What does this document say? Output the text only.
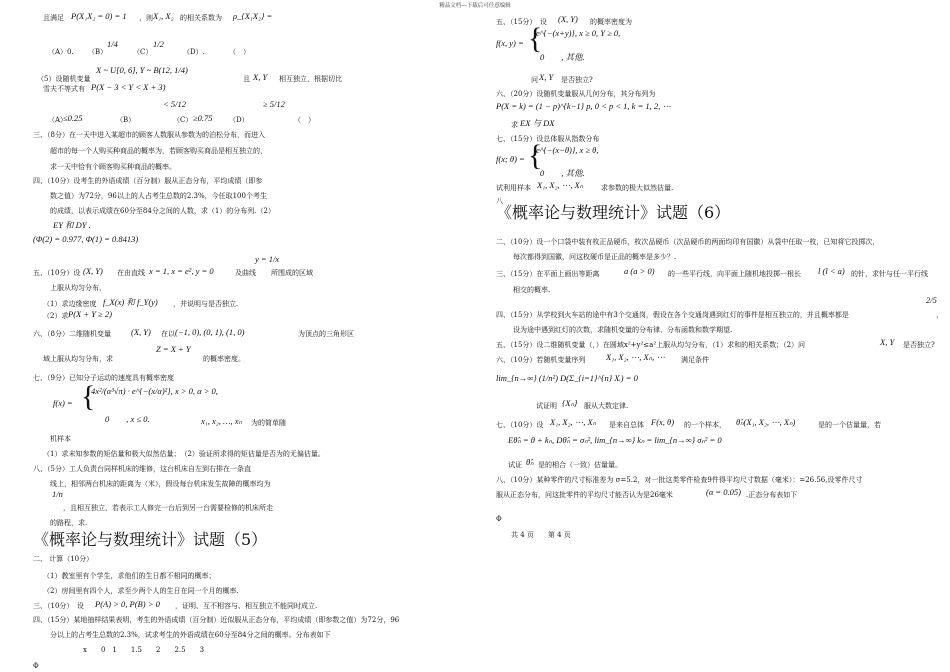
精品文档---下载后可任意编辑
且满足 P(X₁X₂ = 0) = 1 ，则 X₁, X₂ 的相关系数为 ρ_{X₁X₂} =
（A）0. （B）
1/4
（C）
1/2
（D）.	（　）
X ~ U[0, 6], Y ~ B(12, 1/4)
（5）设随机变量	且 X, Y 相互独立，根据切比
雪夫不等式有 P(X − 3 < Y < X + 3)
< 5/12	≥ 5/12
（A）
≤0.25	（B）	（C） ≥0.75 （D）	（　）
三、（8分）在一天中进入某超市的顾客人数服从参数为的泊松分布，而进入
超市的每一个人购买种商品的概率为，若顾客购买商品是相互独立的，
求一天中恰有个顾客购买种商品的概率。
四、（10分）设考生的外语成绩（百分制）服从正态分布，平均成绩（即参
数之值）为72分，96以上的人占考生总数的2.3%，今任取100个考生
的成绩，以表示成绩在60分至84分之间的人数，求（1）的分布列.（2）
EY 和 DY .
(Φ(2) = 0.977, Φ(1) = 0.8413)
y = 1/x
五、（10分）设 (X, Y) 在由直线 x = 1, x = e², y = 0	及曲线 所围成的区域
上服从均匀分布，
（1）求边缘密度 f_X(x) 和 f_Y(y) ，并说明与是否独立.
（2）求 P(X + Y ≥ 2)
六、（8分）二维随机变量 (X, Y) 在以 (−1, 0), (0, 1), (1, 0)	为顶点的三角形区
Z = X + Y
域上服从均匀分布，求	的概率密度。
七、（9分）已知分子运动的速度具有概率密度
4x²/(α³√π) · e^{−(x/α)²}, x > 0, α > 0,
f(x) =
0　　, x ≤ 0.	x₁, x₂, …, xₙ 为的简单随
机样本
（1）求未知参数的矩估量和极大似然估量；　（2）验证所求得的矩估量是否为的无偏估量。
八、（5分）工人负责台同样机床的维修，这台机床自左到右排在一条直
线上，相邻两台机床的距离为（米），假设每台机床发生故障的概率均为
1/n
，且相互独立，若表示工人修完一台后到另一台需要检修的机床所走
的路程，求.
二、 计算（10分）
（1）教室里有个学生，求他们的生日都不相同的概率；
（2）房间里有四个人，求至少两个人的生日在同一个月的概率.
三、（10分）　设 P(A) > 0, P(B) > 0 ，证明、互不相容与、相互独立不能同时成立.
四、（15分）某地抽样结果表明，考生的外语成绩（百分制）近似服从正态分布，平均成绩（即参数之值）为72分，96
分以上的占考生总数的2.3%，试求考生的外语成绩在60分至84分之间的概率。分布表如下
x　　0　1　　1.5　　2　　2.5　　3
Φ
《概率论与数理统计》试题（5）
{
五、（15分）　设 (X, Y) 的概率密度为
e^{−(x+y)}, x ≥ 0, Y ≥ 0,
f(x, y) =
0　　, 其他.
问 X, Y 是否独立?
六、（20分）设随机变量服从几何分布，其分布列为
P(X = k) = (1 − p)^{k−1} p, 0 < p < 1, k = 1, 2, ⋯
求 EX 与 DX
七、（15分）设总体服从指数分布
e^{−(x−θ)}, x ≥ θ,
f(x; θ) =
0　　, 其他.
试利用样本 X₁, X₂, ⋯, Xₙ	求参数的极大似然估量.
八
二、（10分）设一个口袋中装有枚正品硬币，枚次品硬币（次品硬币的两面均印有国徽）从袋中任取一枚，已知将它投掷次，
每次都得到国徽，问这枚硬币是正品的概率是多少？.
三、（15分）在平面上画出等距离	a (a > 0) 的一些平行线，向平面上随机地投掷一根长 l (l < a) 的针，求针与任一平行线
相交的概率.
2/5
四、（15分）从学校到火车站的途中有3个交通岗，假设在各个交通岗遇到红灯的事件是相互独立的，并且概率都是	，
设为途中遇到红灯的次数，求随机变量的分布律、分布函数和数学期望.
五、（15分）设二维随机变量（，）在圆域x²+y²≤a²上服从均匀分布，（1）求和的相关系数；（2）问	X, Y 是否独立?
六、（10分）若随机变量序列 X₁, X₂, ⋯, Xₙ, ⋯ 满足条件
lim_{n→∞} (1/n²) D(Σ_{i=1}^{n} Xᵢ) = 0
试证明 {Xₙ} 服从大数定律.
七、（10分）设 X₁, X₂, ⋯, Xₙ 是来自总体 F(x, θ) 的一个样本， θ̂ₙ(X₁, X₂, ⋯, Xₙ)	是的一个估量量，若
Eθ̂ₙ = θ + kₙ, Dθ̂ₙ = σₙ², lim_{n→∞} kₙ = lim_{n→∞} σₙ² = 0
试证 θ̂ₙ 是的相合（一致）估量量。
八、（10分）某种零件的尺寸标准差为 σ=5.2，对一批这类零件检查9件得平均尺寸数据（毫米）：=26.56,设零件尺寸
服从正态分布，问这批零件的平均尺寸能否认为是26毫米	(α = 0.05) .正态分布表如下
Φ
共 4 页　　第 4 页
《概率论与数理统计》试题（6）
{
{
